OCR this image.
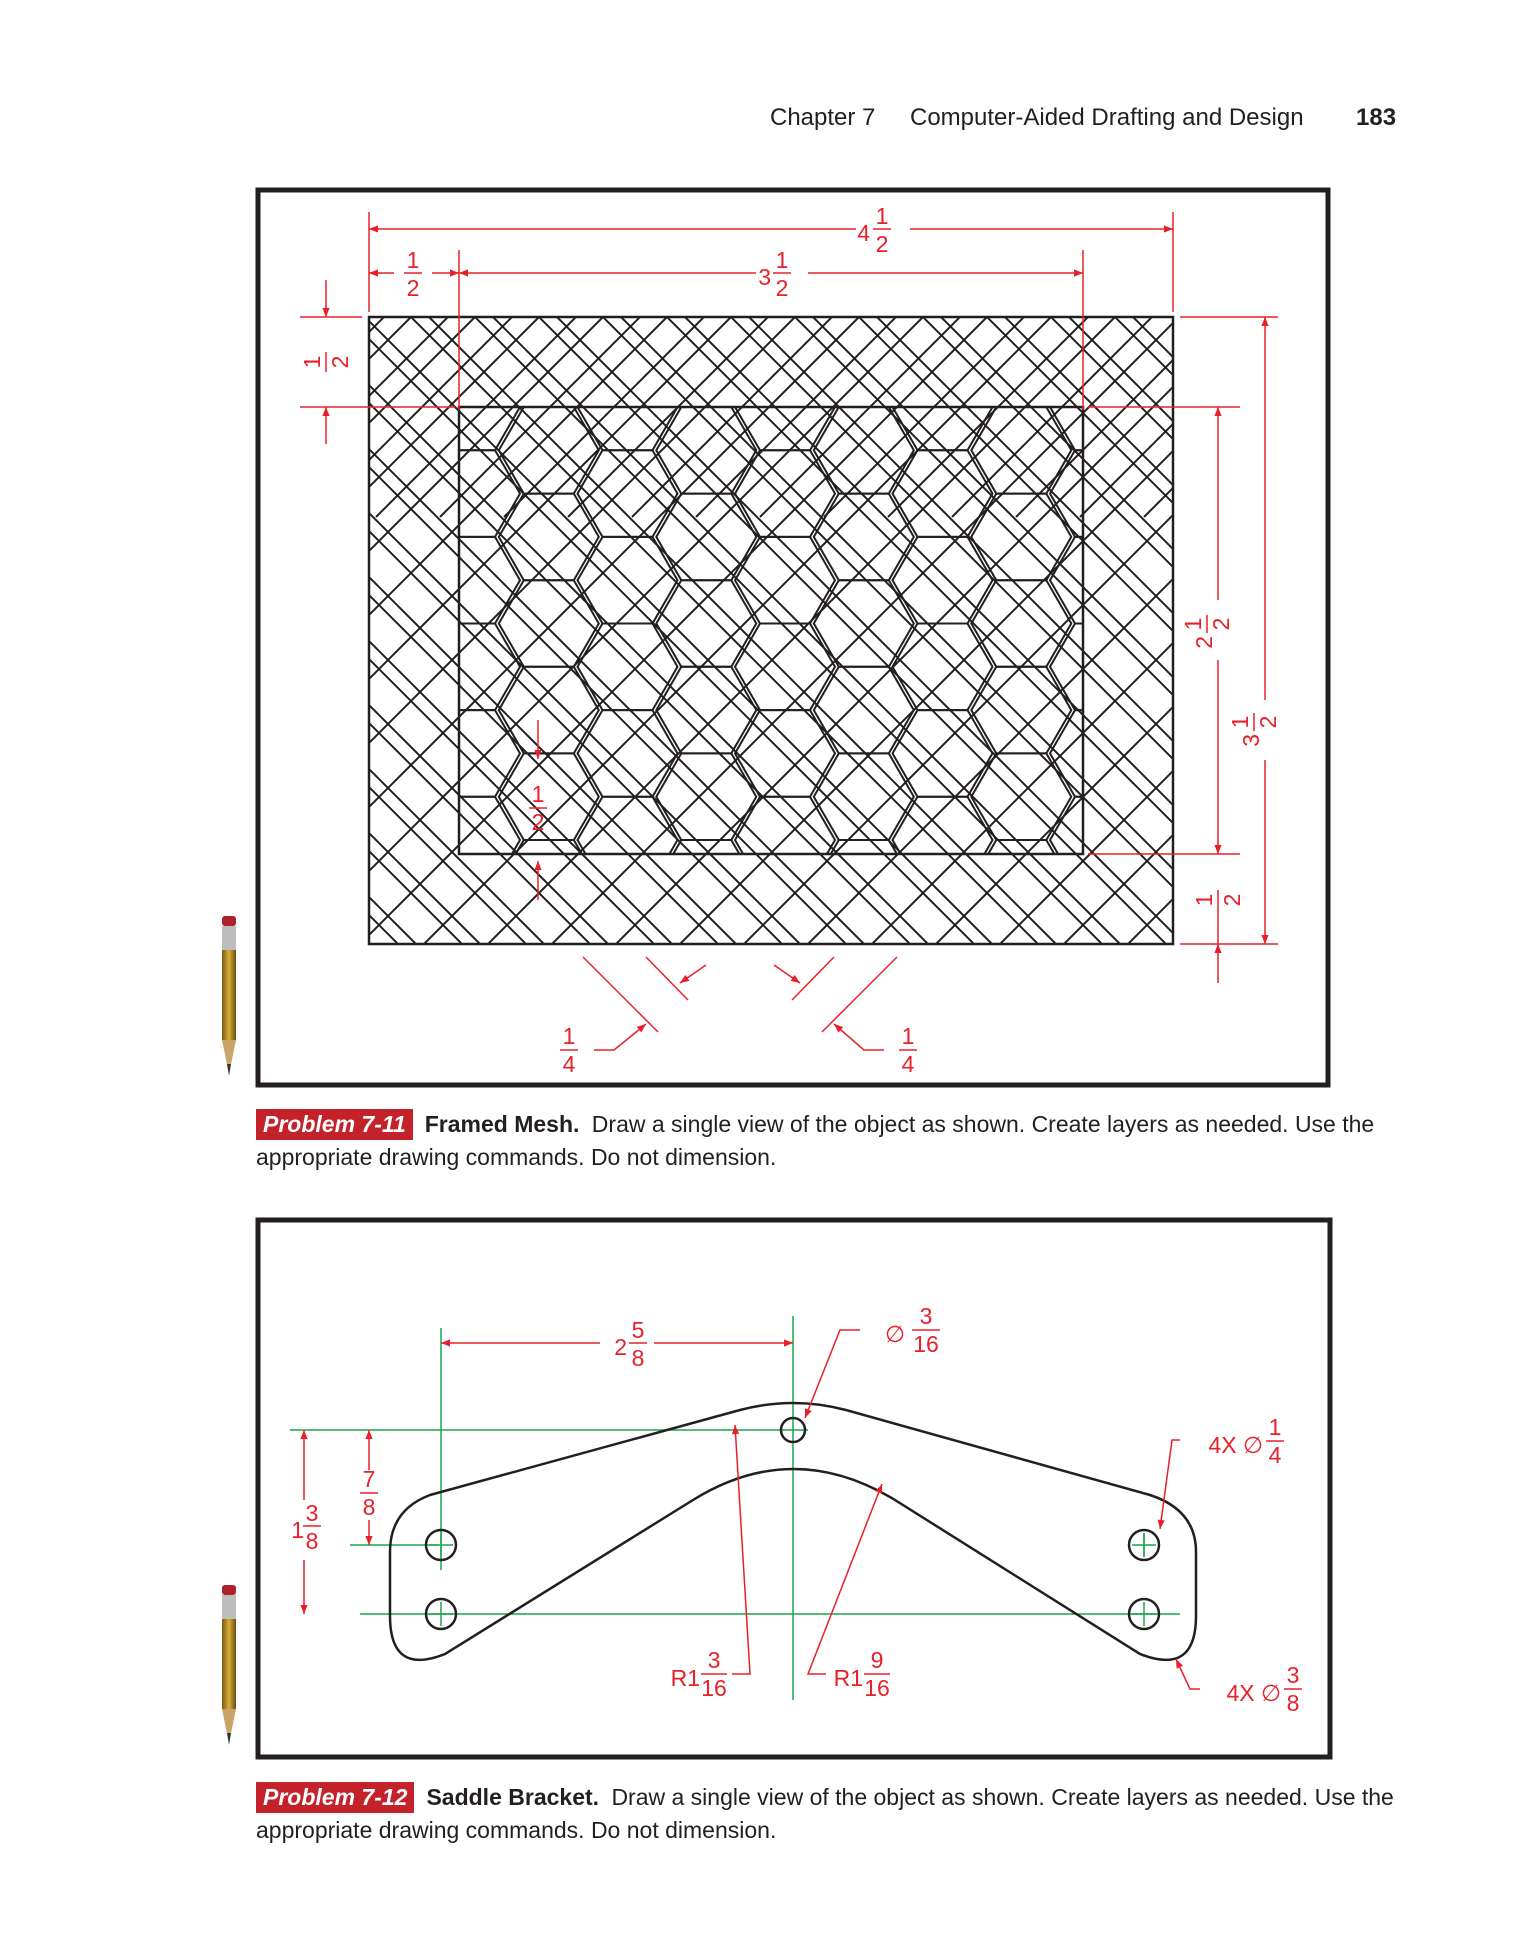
Chapter 7 Computer-Aided Drafting and Design 183
4
1
2
3
1
2
1
2
1 2
1
2
2
1 2
3
1 2
1 2
1
4
1
4
2
5
8
∅
3
16
4X ∅
1
4
4X ∅
3
8
1
3
8
7
8
R1
3
16	R1
9
16
Problem 7-11 Framed Mesh. Draw a single view of the object as shown. Create layers as needed. Use the appropriate drawing commands. Do not dimension.
Problem 7-12 Saddle Bracket. Draw a single view of the object as shown. Create layers as needed. Use the appropriate drawing commands. Do not dimension.
